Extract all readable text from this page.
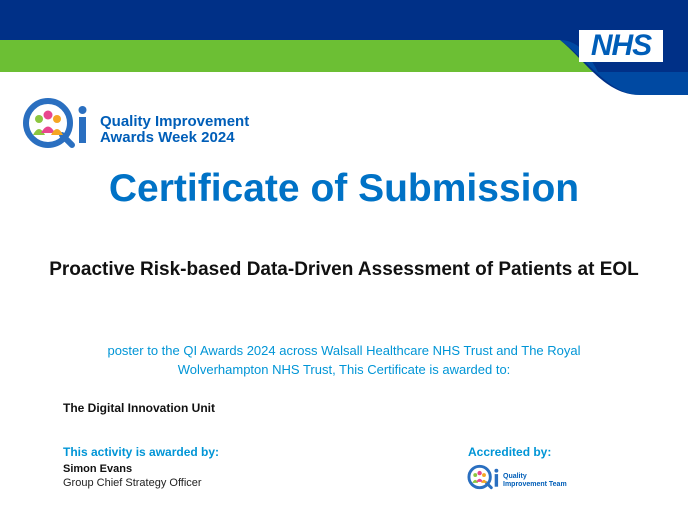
NHS
Quality Improvement
Awards Week 2024
Certificate of Submission
Proactive Risk-based Data-Driven Assessment of Patients at EOL
poster to the QI Awards 2024 across Walsall Healthcare NHS Trust and The Royal
Wolverhampton NHS Trust, This Certificate is awarded to:
The Digital Innovation Unit
This activity is awarded by:
Simon Evans
Group Chief Strategy Officer
Accredited by:
Quality
Improvement Team
